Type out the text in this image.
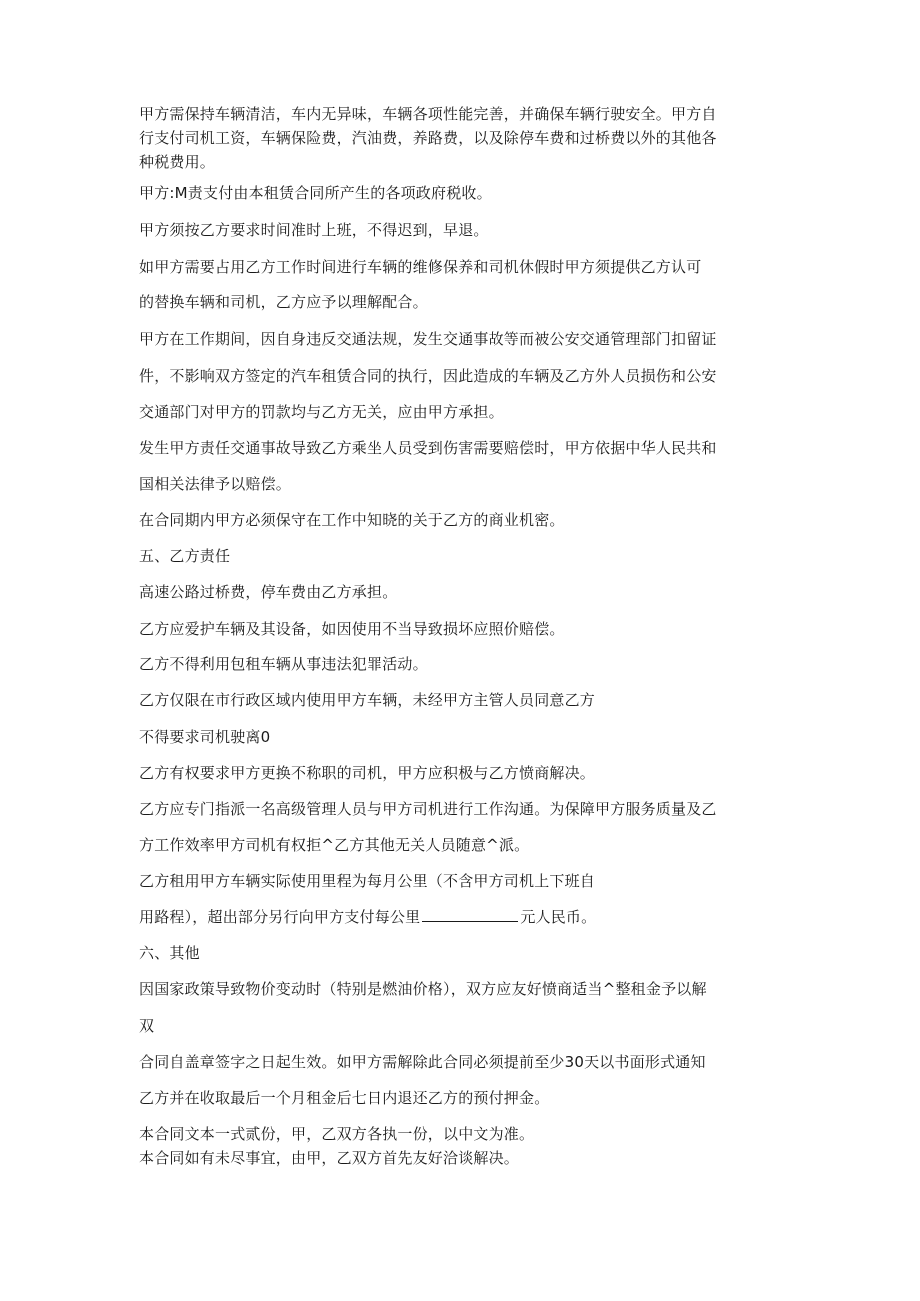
甲方需保持车辆清洁，车内无异味，车辆各项性能完善，并确保车辆行驶安全。甲方自
行支付司机工资，车辆保险费，汽油费，养路费，以及除停车费和过桥费以外的其他各
种税费用。
甲方:M责支付由本租赁合同所产生的各项政府税收。
甲方须按乙方要求时间准时上班，不得迟到，早退。
如甲方需要占用乙方工作时间进行车辆的维修保养和司机休假时甲方须提供乙方认可
的替换车辆和司机，乙方应予以理解配合。
甲方在工作期间，因自身违反交通法规，发生交通事故等而被公安交通管理部门扣留证
件，不影响双方签定的汽车租赁合同的执行，因此造成的车辆及乙方外人员损伤和公安
交通部门对甲方的罚款均与乙方无关，应由甲方承担。
发生甲方责任交通事故导致乙方乘坐人员受到伤害需要赔偿时，甲方依据中华人民共和
国相关法律予以赔偿。
在合同期内甲方必须保守在工作中知晓的关于乙方的商业机密。
五、乙方责任
高速公路过桥费，停车费由乙方承担。
乙方应爱护车辆及其设备，如因使用不当导致损坏应照价赔偿。
乙方不得利用包租车辆从事违法犯罪活动。
乙方仅限在市行政区域内使用甲方车辆，未经甲方主管人员同意乙方
不得要求司机驶离0
乙方有权要求甲方更换不称职的司机，甲方应积极与乙方愤商解决。
乙方应专门指派一名高级管理人员与甲方司机进行工作沟通。为保障甲方服务质量及乙
方工作效率甲方司机有权拒^乙方其他无关人员随意^派。
乙方租用甲方车辆实际使用里程为每月公里（不含甲方司机上下班自
用路程），超出部分另行向甲方支付每公里	元人民币。
六、其他
因国家政策导致物价变动时（特别是燃油价格），双方应友好愤商适当^整租金予以解
双
合同自盖章签字之日起生效。如甲方需解除此合同必须提前至少30天以书面形式通知
乙方并在收取最后一个月租金后七日内退还乙方的预付押金。
本合同文本一式贰份，甲，乙双方各执一份，以中文为准。
本合同如有未尽事宜，由甲，乙双方首先友好洽谈解决。
